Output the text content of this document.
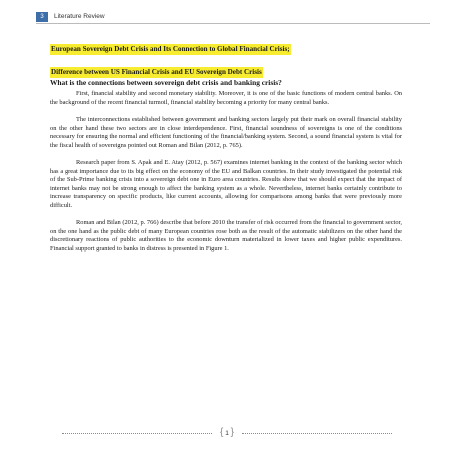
3	Literature Review
European Sovereign Debt Crisis and Its Connection to Global Financial Crisis;
Difference between US Financial Crisis and EU Sovereign Debt Crisis
What is the connections between sovereign debt crisis and banking crisis?

First, financial stability and second monetary stability. Moreover, it is one of the basic functions of modern central banks. On the background of the recent financial turmoil, financial stability becoming a priority for many central banks.

The interconnections established between government and banking sectors largely put their mark on overall financial stability on the other hand these two sectors are in close interdependence. First, financial soundness of sovereigns is one of the conditions necessary for ensuring the normal and efficient functioning of the financial/banking system. Second, a sound financial system is vital for the fiscal health of sovereigns pointed out Roman and Bilan (2012, p. 765).

Research paper from S. Apak and E. Atay (2012, p. 567) examines internet banking in the context of the banking sector which has a great importance due to its big effect on the economy of the EU and Balkan countries. In their study investigated the potential risk of the Sub-Prime banking crisis into a sovereign debt one in Euro area countries. Results show that we should expect that the impact of internet banks may not be strong enough to affect the banking system as a whole. Nevertheless, internet banks certainly contribute to increase transparency on specific products, like current accounts, allowing for comparisons among banks that were previously more difficult.

Roman and Bilan (2012, p. 766) describe that before 2010 the transfer of risk occurred from the financial to government sector, on the one hand as the public debt of many European countries rose both as the result of the automatic stabilizers on the other hand the discretionary reactions of public authorities to the economic downturn materialized in lower taxes and higher public expenditures. Financial support granted to banks in distress is presented in Figure 1.

{ 1 }
